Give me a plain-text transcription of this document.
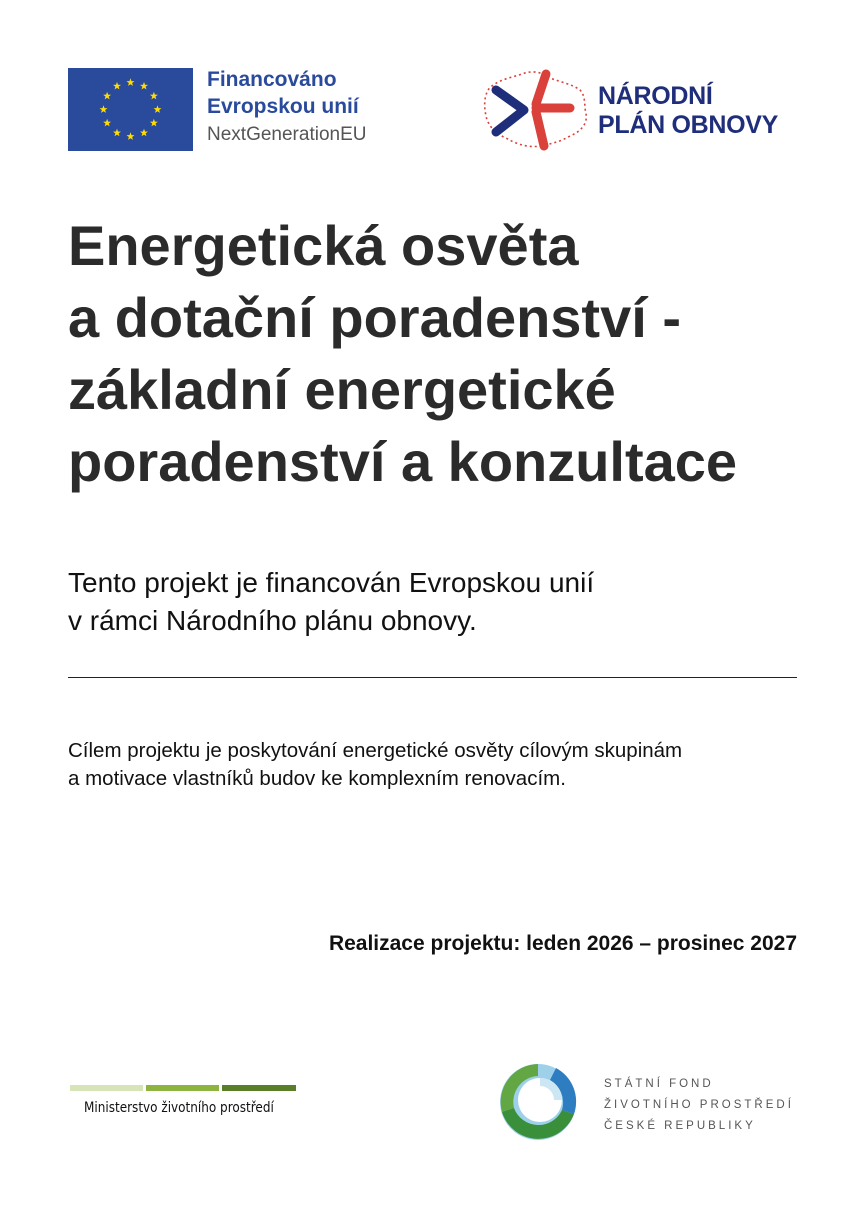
Financováno
Evropskou unií
NextGenerationEU
NÁRODNÍ
PLÁN OBNOVY
Energetická osvěta
a dotační poradenství -
základní energetické
poradenství a konzultace
Tento projekt je financován Evropskou unií
v rámci Národního plánu obnovy.
Cílem projektu je poskytování energetické osvěty cílovým skupinám
a motivace vlastníků budov ke komplexním renovacím.
Realizace projektu: leden 2026 – prosinec 2027
Ministerstvo životního prostředí
STÁTNÍ FOND
ŽIVOTNÍHO PROSTŘEDÍ
ČESKÉ REPUBLIKY
